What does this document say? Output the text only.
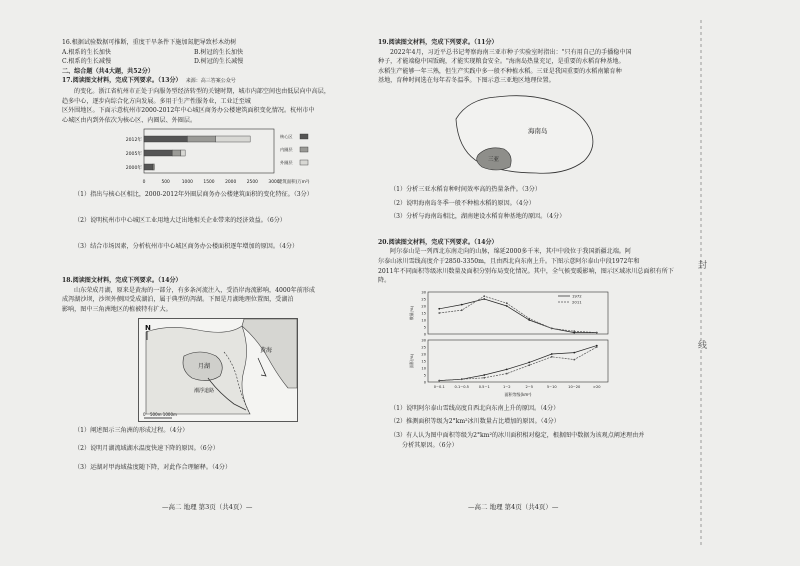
16.根据试验数据可推断，重度干旱条件下施加氮肥导致杉木幼树

A.根系的生长加快	B.树冠的生长加快
C.根系的生长减慢	D.树冠的生长减慢

二、综合题（共4大题，共52分）

17.阅读图文材料，完成下列要求。（13分） 来源：高三答案公众号

的变化。浙江省杭州市正处于向服务型经济转型的关键时期，城市内部空间也由低层向中高层，

趋多中心，逐步向综合化方向发展。多用于生产性服务业，工业迁至城

区外围地区。下面示意杭州市2000-2012年中心城区商务办公楼建筑面积变化情况。杭州市中

心城区由内到外依次为核心区、内圈层、外圈层。

2012年
2005年
2000年
0	500	1000 1500 2000 2500 3000
建筑面积(万m²)
核心区
内圈层
外圈层

（1）指出与核心区相比，2000-2012年外圈层商务办公楼建筑面积的变化特征。（3分）

（2）说明杭州市中心城区工业用地大迁出地相关企业带来的经济效益。（6分）

（3）结合市场因素，分析杭州市中心城区商务办公楼面积逐年增加的原因。（4分）

18.阅读图文材料，完成下列要求。（14分）

山东荣成月湖，原来是黄海的一部分，有多条河流注入，受沿岸海流影响，4000年前形成

成泻湖沙坝，沙坝外侧因受成湖泊，属于典型的泻湖。下图是月湖地理位置图，受湖泊

影响，图中三角洲地区的植被特有扩大。

月湖
黄海
潮浮道路
N
0 500m 1000m

（1）阐述图示三角洲的形成过程。（4分）

（2）说明月湖流域湖水温度快速下降的原因。（6分）

（3）运湖对甲海域盐度随下降，对此作合理解释。（4分）

—高二 地理 第3页（共4页）—

19.阅读图文材料，完成下列要求。（11分）

2022年4月，习近平总书记考察海南三亚市种子实验室时指出："只有用自己的手播稳中国

种子，才能端稳中国饭碗，才能实现粮食安全。"海南岛热量充足，是重要的水稻育种基地。

水稻生产能够一年三熟，但生产实践中多一般不种植水稻。三亚是我国重要的水稻南繁育种

基地，育种时间选在每年若冬温季。下图示意三亚地区地理位置。

海南岛
三亚

（1）分析三亚水稻育种时间效率高的热量条件。（3分）

（2）说明海南岛冬季一般不种植水稻的原因。（4分）

（3）分析与海南岛相比，湖南建设水稻育种基地的原因。（4分）

20.阅读图文材料，完成下列要求。（14分）

阿尔泰山是一列西北东南走向的山脉，绵延2000多千米，其中中段位于我国新疆北端。阿

尔泰山冰川雪线高度介于2850-3350m，且由西北向东南上升。下图示意阿尔泰山中段1972年和

2011年不同面积等级冰川数量及面积分别布局变化情况。其中，全气候变暖影响，图示区域冰川总面积有所下降。

0
5
10
15
20
25
30
数量(%)
0
5
10
15
20
25
30
面积(%)
0~0.1	0.1~0.5	0.5~1	1~2	2~5	5~10	10~20	>20
面积等级(km²)
1972
2011

（1）说明阿尔泰山雪线高度自西北向东南上升的原因。（4分）

（2）推测面积等级为2°km²冰川数量占比增加的原因。（4分）

（3）有人认为图中面积等级为2°km²的冰川面积相对稳定，根据图中数据为该观点阐述理由并

分析其原因。（6分）

—高二 地理 第4页（共4页）—
封
线
